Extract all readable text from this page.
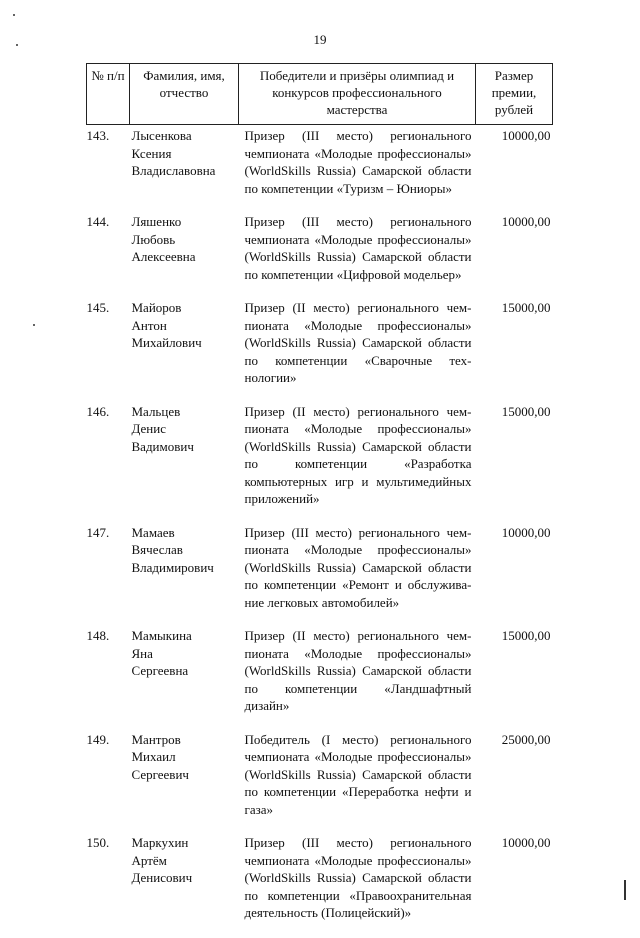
19
№ п/п	Фамилия, имя, отчество	Победители и призёры олимпиад и конкурсов профессионального мастерства	Размер премии, рублей

143.	Лысенкова
Ксения
Владиславовна	Призер (III место) регионального чемпионата «Молодые профессионалы» (WorldSkills Russia) Самарской области по компетенции «Туризм – Юниоры»	10000,00
144.	Ляшенко
Любовь
Алексеевна	Призер (III место) регионального чемпионата «Молодые профессионалы» (WorldSkills Russia) Самарской области по компетенции «Цифровой модельер»	10000,00
145.	Майоров
Антон
Михайлович	Призер (II место) регионального чемпионата «Молодые профессионалы» (WorldSkills Russia) Самарской области по компетенции «Сварочные технологии»	15000,00
146.	Мальцев
Денис
Вадимович	Призер (II место) регионального чемпионата «Молодые профессионалы» (WorldSkills Russia) Самарской области по компетенции «Разработка компьютерных игр и мультимедийных приложений»	15000,00
147.	Мамаев
Вячеслав
Владимирович	Призер (III место) регионального чемпионата «Молодые профессионалы» (WorldSkills Russia) Самарской области по компетенции «Ремонт и обслуживание легковых автомобилей»	10000,00
148.	Мамыкина
Яна
Сергеевна	Призер (II место) регионального чемпионата «Молодые профессионалы» (WorldSkills Russia) Самарской области по компетенции «Ландшафтный дизайн»	15000,00
149.	Мантров
Михаил
Сергеевич	Победитель (I место) регионального чемпионата «Молодые профессионалы» (WorldSkills Russia) Самарской области по компетенции «Переработка нефти и газа»	25000,00
150.	Маркухин
Артём
Денисович	Призер (III место) регионального чемпионата «Молодые профессионалы» (WorldSkills Russia) Самарской области по компетенции «Правоохранительная деятельность (Полицейский)»	10000,00
